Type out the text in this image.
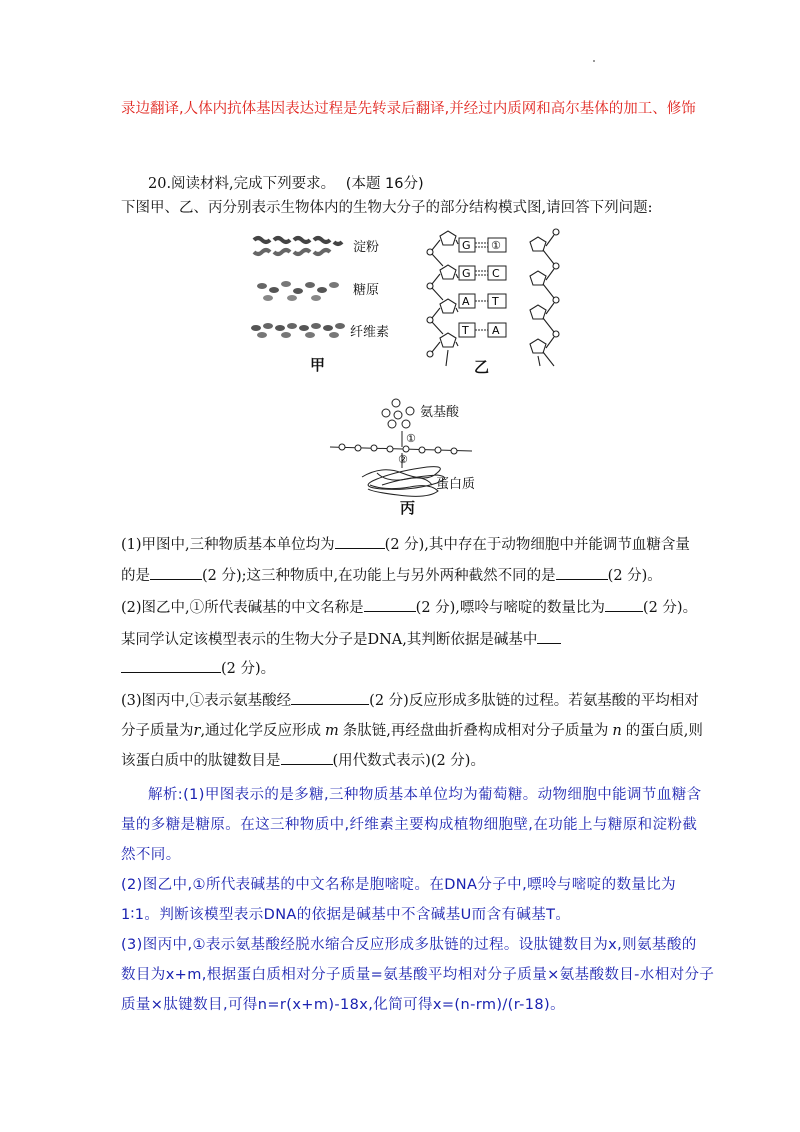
录边翻译,人体内抗体基因表达过程是先转录后翻译,并经过内质网和高尔基体的加工、修饰
20.阅读材料,完成下列要求。 (本题 16分)
下图甲、乙、丙分别表示生物体内的生物大分子的部分结构模式图,请回答下列问题:
淀粉
糖原
纤维素
甲
G ①
G C
A T
T A
乙
氨基酸
①
②
蛋白质
丙
(1)甲图中,三种物质基本单位均为	(2 分),其中存在于动物细胞中并能调节血糖含量
的是	(2 分);这三种物质中,在功能上与另外两种截然不同的是	(2 分)。
(2)图乙中,①所代表碱基的中文名称是	(2 分),嘌呤与嘧啶的数量比为	(2 分)。
某同学认定该模型表示的生物大分子是DNA,其判断依据是碱基中
(2 分)。
(3)图丙中,①表示氨基酸经	(2 分)反应形成多肽链的过程。若氨基酸的平均相对
分子质量为r,通过化学反应形成 m 条肽链,再经盘曲折叠构成相对分子质量为 n 的蛋白质,则
该蛋白质中的肽键数目是	(用代数式表示)(2 分)。
解析:(1)甲图表示的是多糖,三种物质基本单位均为葡萄糖。动物细胞中能调节血糖含
量的多糖是糖原。在这三种物质中,纤维素主要构成植物细胞壁,在功能上与糖原和淀粉截
然不同。
(2)图乙中,①所代表碱基的中文名称是胞嘧啶。在DNA分子中,嘌呤与嘧啶的数量比为
1∶1。判断该模型表示DNA的依据是碱基中不含碱基U而含有碱基T。
(3)图丙中,①表示氨基酸经脱水缩合反应形成多肽链的过程。设肽键数目为x,则氨基酸的
数目为x+m,根据蛋白质相对分子质量=氨基酸平均相对分子质量×氨基酸数目-水相对分子
质量×肽键数目,可得n=r(x+m)-18x,化简可得x=(n-rm)/(r-18)。
